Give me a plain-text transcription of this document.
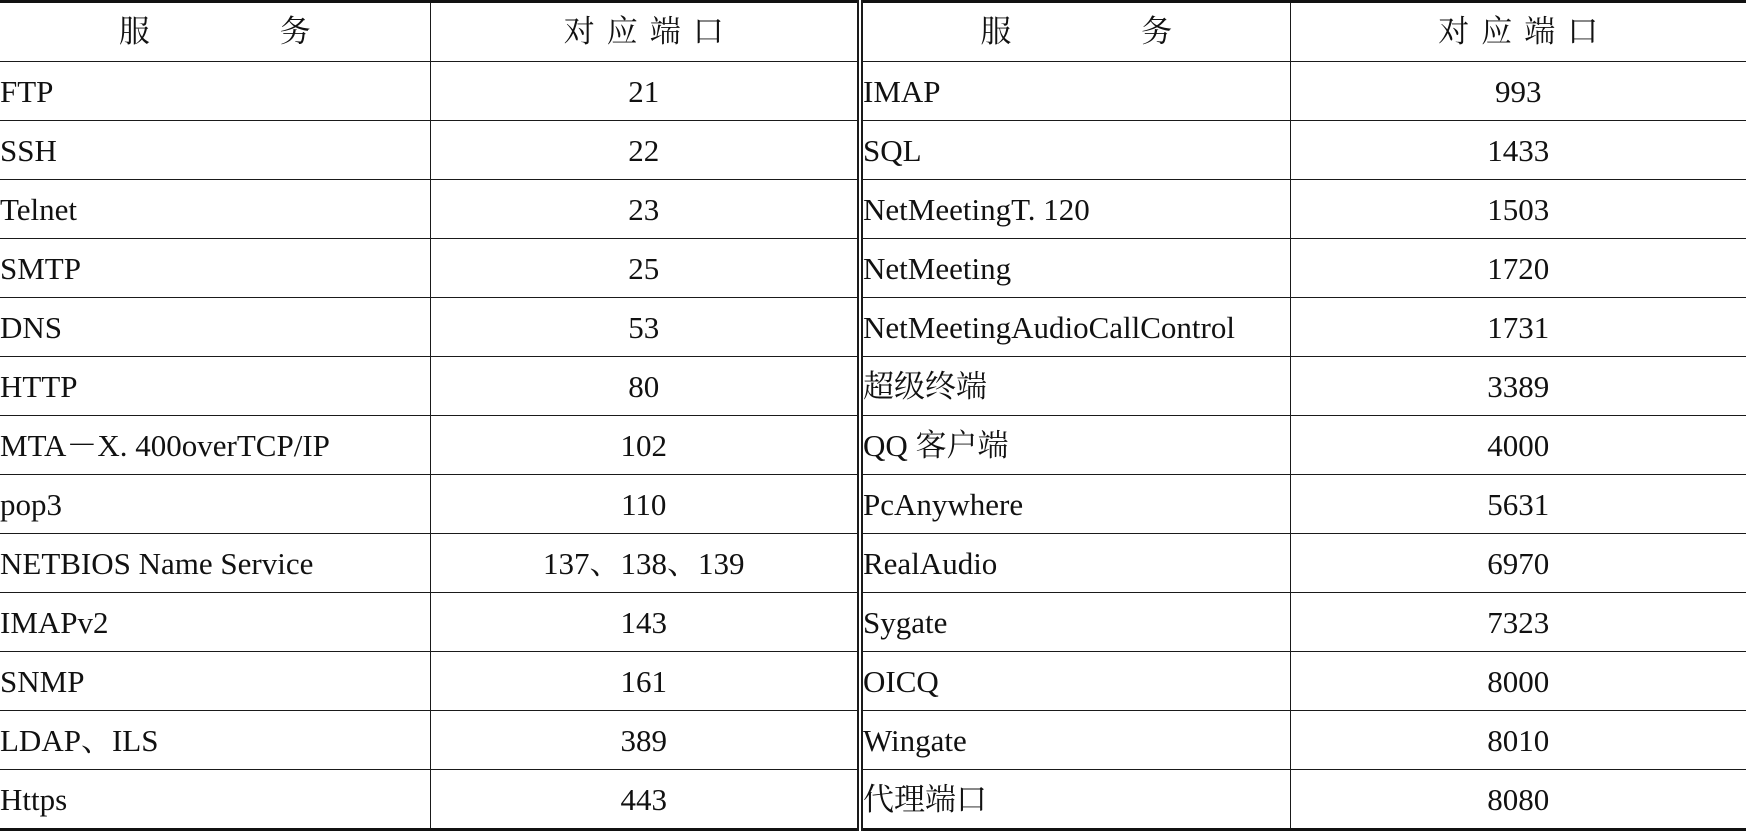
服 务	对应端口	服 务	对应端口
FTP	21	IMAP	993
SSH	22	SQL	1433
Telnet	23	NetMeetingT. 120	1503
SMTP	25	NetMeeting	1720
DNS	53	NetMeetingAudioCallControl	1731
HTTP	80	超级终端	3389
MTA－X. 400overTCP/IP	102	QQ 客户端	4000
pop3	110	PcAnywhere	5631
NETBIOS Name Service	137、138、139	RealAudio	6970
IMAPv2	143	Sygate	7323
SNMP	161	OICQ	8000
LDAP、ILS	389	Wingate	8010
Https	443	代理端口	8080
